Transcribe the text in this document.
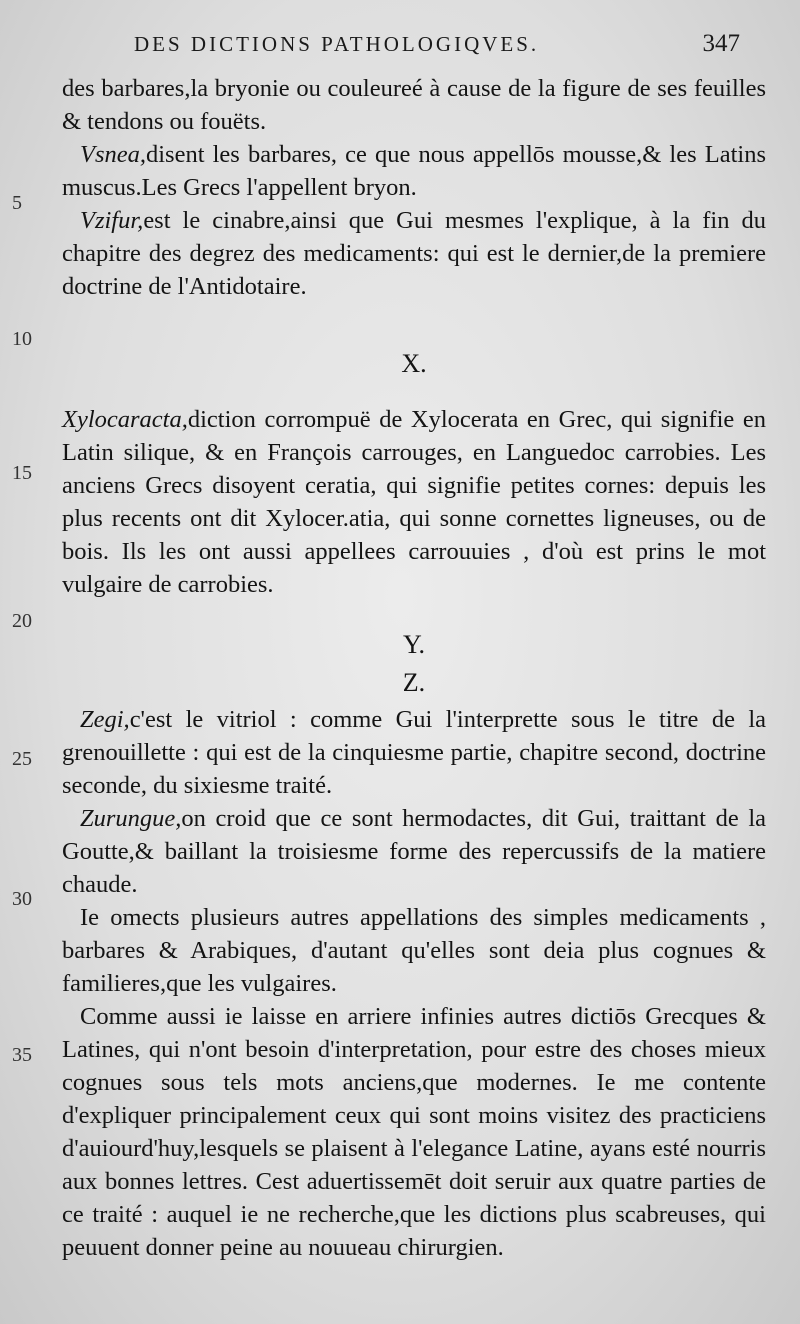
5
10
15
20
25
30
35
DES DICTIONS PATHOLOGIQVES.	347

des barbares,la bryonie ou couleureé à cause de la figure de ses feuilles & tendons ou fouëts.

Vsnea,disent les barbares, ce que nous appellōs mousse,& les Latins muscus.Les Grecs l'appellent bryon.

Vzifur,est le cinabre,ainsi que Gui mesmes l'explique, à la fin du chapitre des degrez des medicaments: qui est le dernier,de la premiere doctrine de l'Antidotaire.

X.

Xylocaracta,diction corrompuë de Xylocerata en Grec, qui signifie en Latin silique, & en François carrouges, en Languedoc carrobies. Les anciens Grecs disoyent ceratia, qui signifie petites cornes: depuis les plus recents ont dit Xylocer.atia, qui sonne cornettes ligneuses, ou de bois. Ils les ont aussi appellees carrouuies , d'où est prins le mot vulgaire de carrobies.

Y.
Z.

Zegi,c'est le vitriol : comme Gui l'interprette sous le titre de la grenouillette : qui est de la cinquiesme partie, chapitre second, doctrine seconde, du sixiesme traité.

Zurungue,on croid que ce sont hermodactes, dit Gui, traittant de la Goutte,& baillant la troisiesme forme des repercussifs de la matiere chaude.

Ie omects plusieurs autres appellations des simples medicaments , barbares & Arabiques, d'autant qu'elles sont deia plus cognues & familieres,que les vulgaires.

Comme aussi ie laisse en arriere infinies autres dictiōs Grecques & Latines, qui n'ont besoin d'interpretation, pour estre des choses mieux cognues sous tels mots anciens,que modernes. Ie me contente d'expliquer principalement ceux qui sont moins visitez des practiciens d'auiourd'huy,lesquels se plaisent à l'elegance Latine, ayans esté nourris aux bonnes lettres. Cest aduertissemēt doit seruir aux quatre parties de ce traité : auquel ie ne recherche,que les dictions plus scabreuses, qui peuuent donner peine au nouueau chirurgien.
